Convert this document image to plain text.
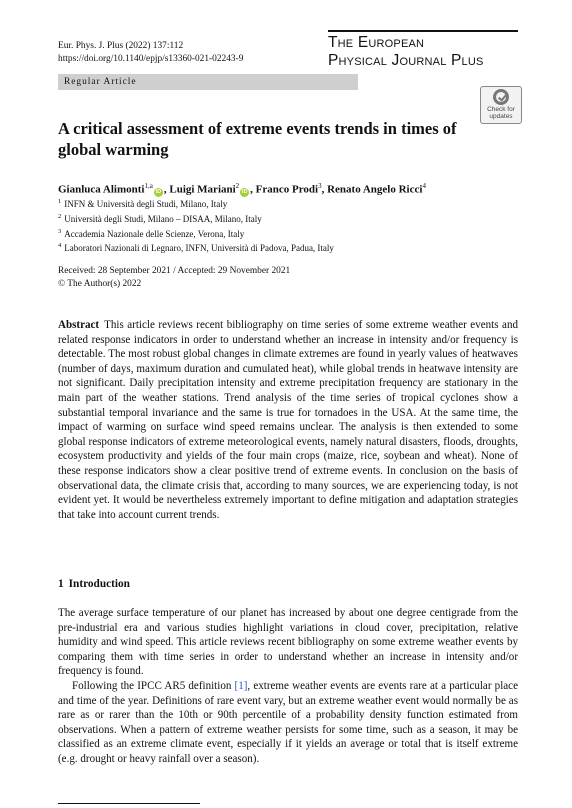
Eur. Phys. J. Plus (2022) 137:112
https://doi.org/10.1140/epjp/s13360-021-02243-9
The European
Physical Journal Plus
Regular Article
Check for
updates
A critical assessment of extreme events trends in times of global warming
Gianluca Alimonti$^{1,a}$iD , Luigi Mariani$^2$iD , Franco Prodi$^3$, Renato Angelo Ricci$^4$
$^1$ INFN & Università degli Studi, Milano, Italy
$^2$ Università degli Studi, Milano – DISAA, Milano, Italy
$^3$ Accademia Nazionale delle Scienze, Verona, Italy
$^4$ Laboratori Nazionali di Legnaro, INFN, Università di Padova, Padua, Italy
Received: 28 September 2021 / Accepted: 29 November 2021
© The Author(s) 2022
Abstract This article reviews recent bibliography on time series of some extreme weather events and related response indicators in order to understand whether an increase in intensity and/or frequency is detectable. The most robust global changes in climate extremes are found in yearly values of heatwaves (number of days, maximum duration and cumulated heat), while global trends in heatwave intensity are not significant. Daily precipitation intensity and extreme precipitation frequency are stationary in the main part of the weather stations. Trend analysis of the time series of tropical cyclones show a substantial temporal invariance and the same is true for tornadoes in the USA. At the same time, the impact of warming on surface wind speed remains unclear. The analysis is then extended to some global response indicators of extreme meteorological events, namely natural disasters, floods, droughts, ecosystem productivity and yields of the four main crops (maize, rice, soybean and wheat). None of these response indicators show a clear positive trend of extreme events. In conclusion on the basis of observational data, the climate crisis that, according to many sources, we are experiencing today, is not evident yet. It would be nevertheless extremely important to define mitigation and adaptation strategies that take into account current trends.
1 Introduction

The average surface temperature of our planet has increased by about one degree centigrade from the pre-industrial era and various studies highlight variations in cloud cover, precipitation, relative humidity and wind speed. This article reviews recent bibliography on some extreme weather events by comparing them with time series in order to understand whether an increase in intensity and/or frequency is found.

Following the IPCC AR5 definition [1], extreme weather events are events rare at a particular place and time of the year. Definitions of rare event vary, but an extreme weather event would normally be as rare as or rarer than the 10th or 90th percentile of a probability density function estimated from observations. When a pattern of extreme weather persists for some time, such as a season, it may be classified as an extreme climate event, especially if it yields an average or total that is itself extreme (e.g. drought or heavy rainfall over a season).
